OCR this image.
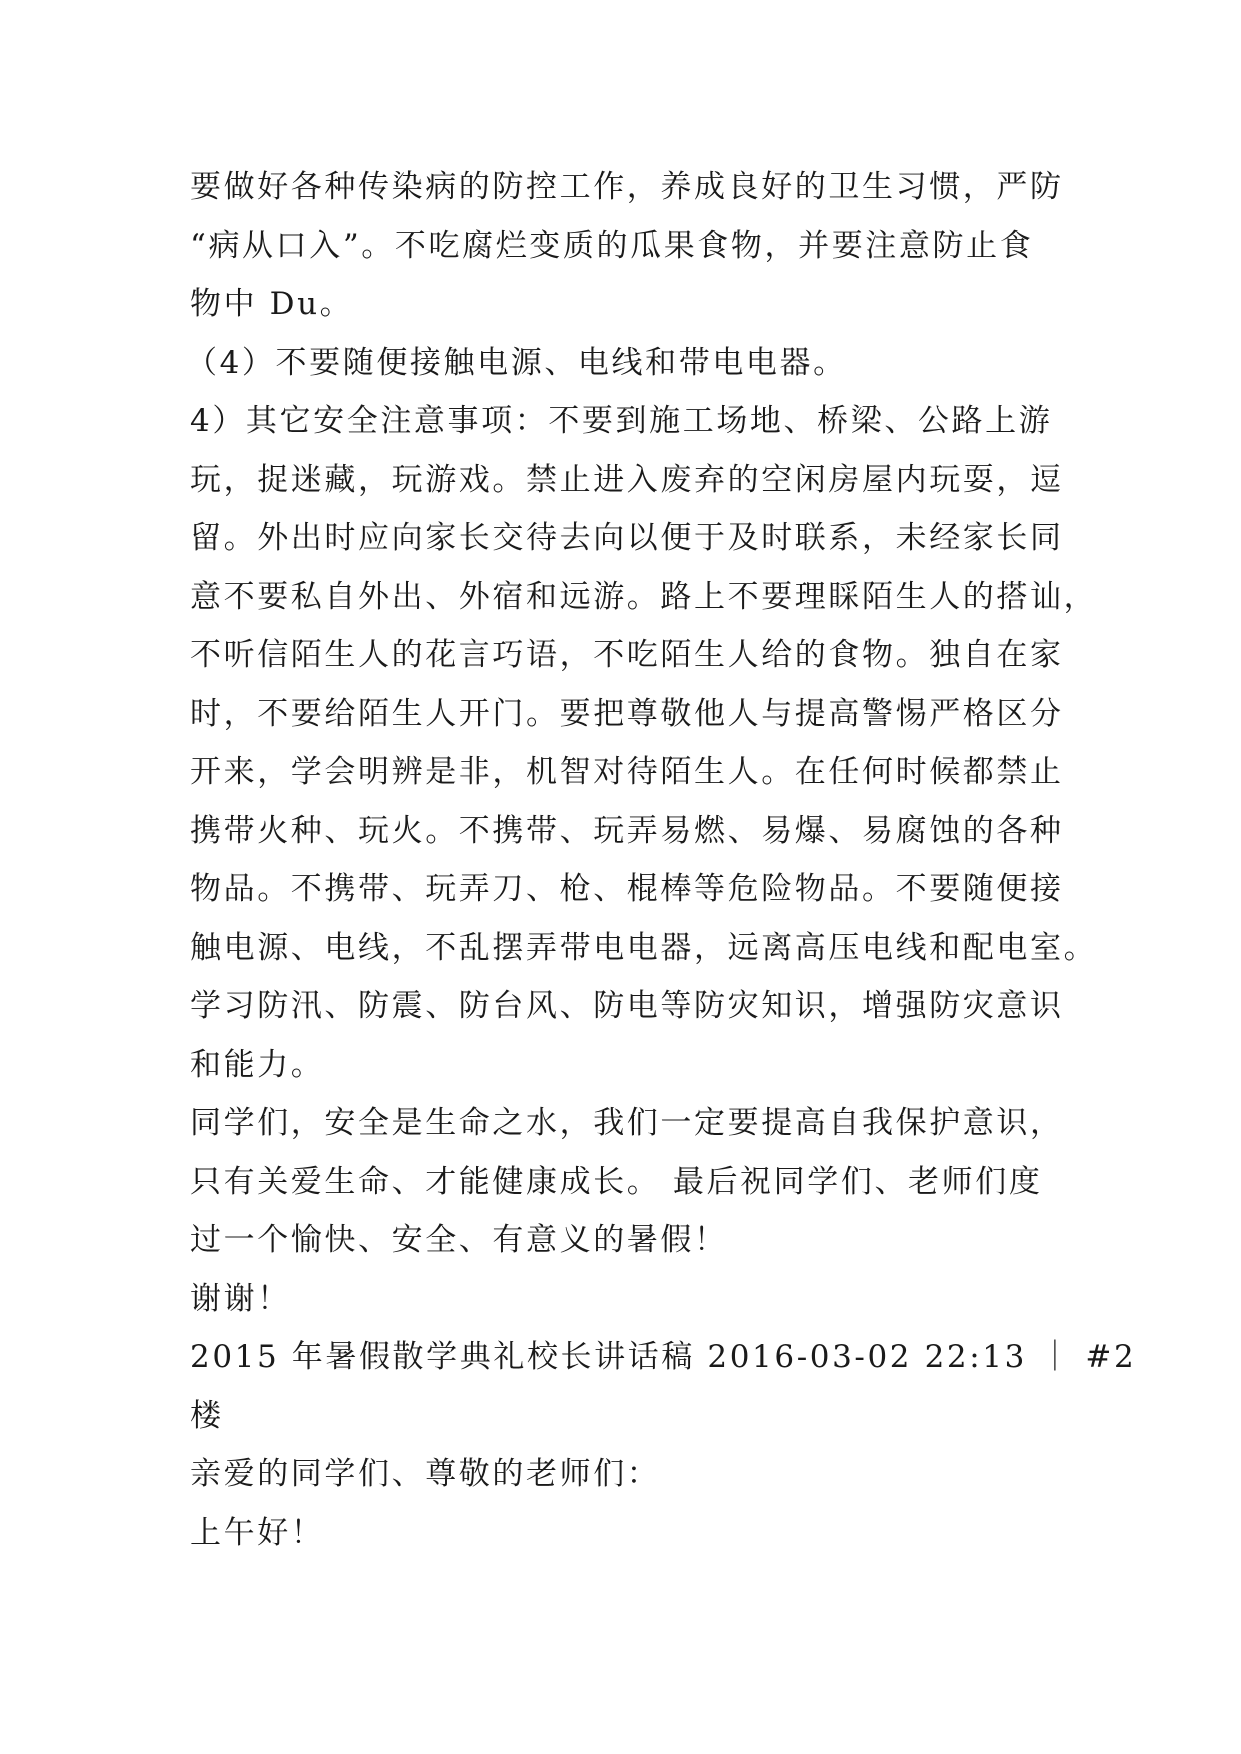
要做好各种传染病的防控工作，养成良好的卫生习惯，严防
“病从口入”。不吃腐烂变质的瓜果食物，并要注意防止食
物中 Du。
（4）不要随便接触电源、电线和带电电器。
4）其它安全注意事项：不要到施工场地、桥梁、公路上游
玩，捉迷藏，玩游戏。禁止进入废弃的空闲房屋内玩耍，逗
留。外出时应向家长交待去向以便于及时联系，未经家长同
意不要私自外出、外宿和远游。路上不要理睬陌生人的搭讪，
不听信陌生人的花言巧语，不吃陌生人给的食物。独自在家
时，不要给陌生人开门。要把尊敬他人与提高警惕严格区分
开来，学会明辨是非，机智对待陌生人。在任何时候都禁止
携带火种、玩火。不携带、玩弄易燃、易爆、易腐蚀的各种
物品。不携带、玩弄刀、枪、棍棒等危险物品。不要随便接
触电源、电线，不乱摆弄带电电器，远离高压电线和配电室。
学习防汛、防震、防台风、防电等防灾知识，增强防灾意识
和能力。
同学们，安全是生命之水，我们一定要提高自我保护意识，
只有关爱生命、才能健康成长。 最后祝同学们、老师们度
过一个愉快、安全、有意义的暑假！
谢谢！
2015 年暑假散学典礼校长讲话稿 2016-03-02 22:13 ｜ #2
楼
亲爱的同学们、尊敬的老师们：
上午好！
